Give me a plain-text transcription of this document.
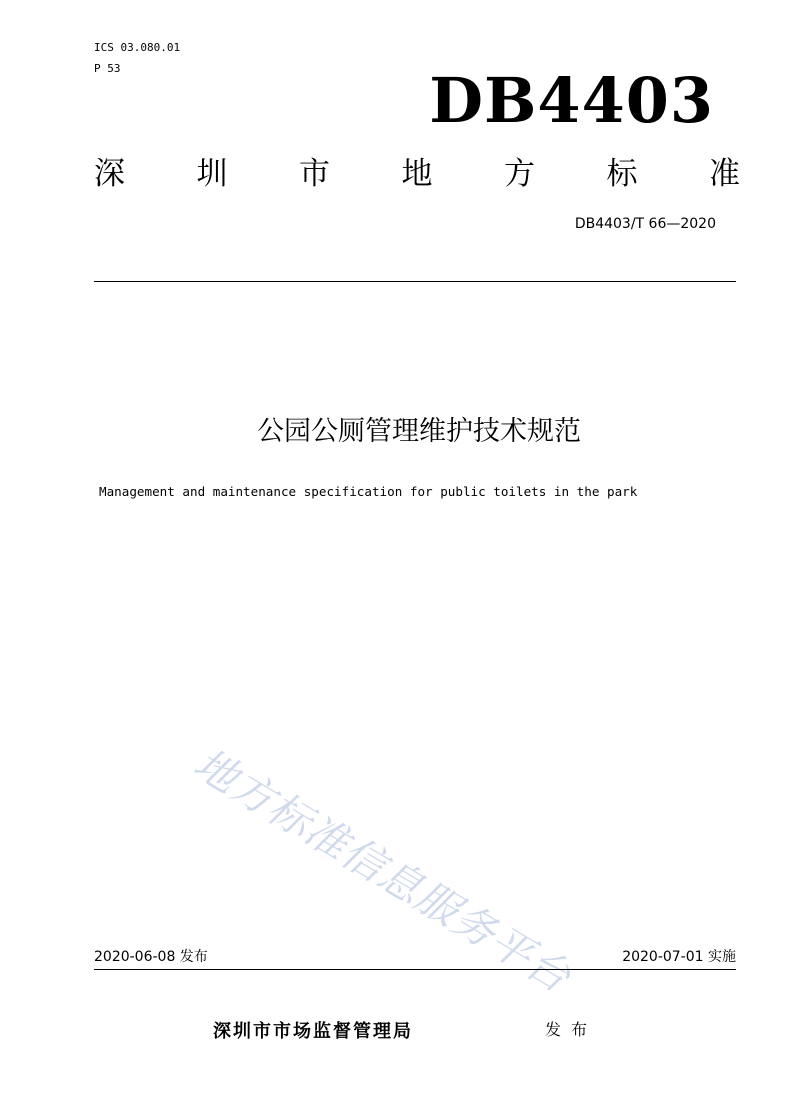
ICS 03.080.01
P 53	DB4403
深 圳 市 地 方 标 准
DB4403/T 66—2020
公园公厕管理维护技术规范
Management and maintenance specification for public toilets in the park
地方标准信息服务平台
2020-06-08 发布	2020-07-01 实施
深圳市市场监督管理局	发布
